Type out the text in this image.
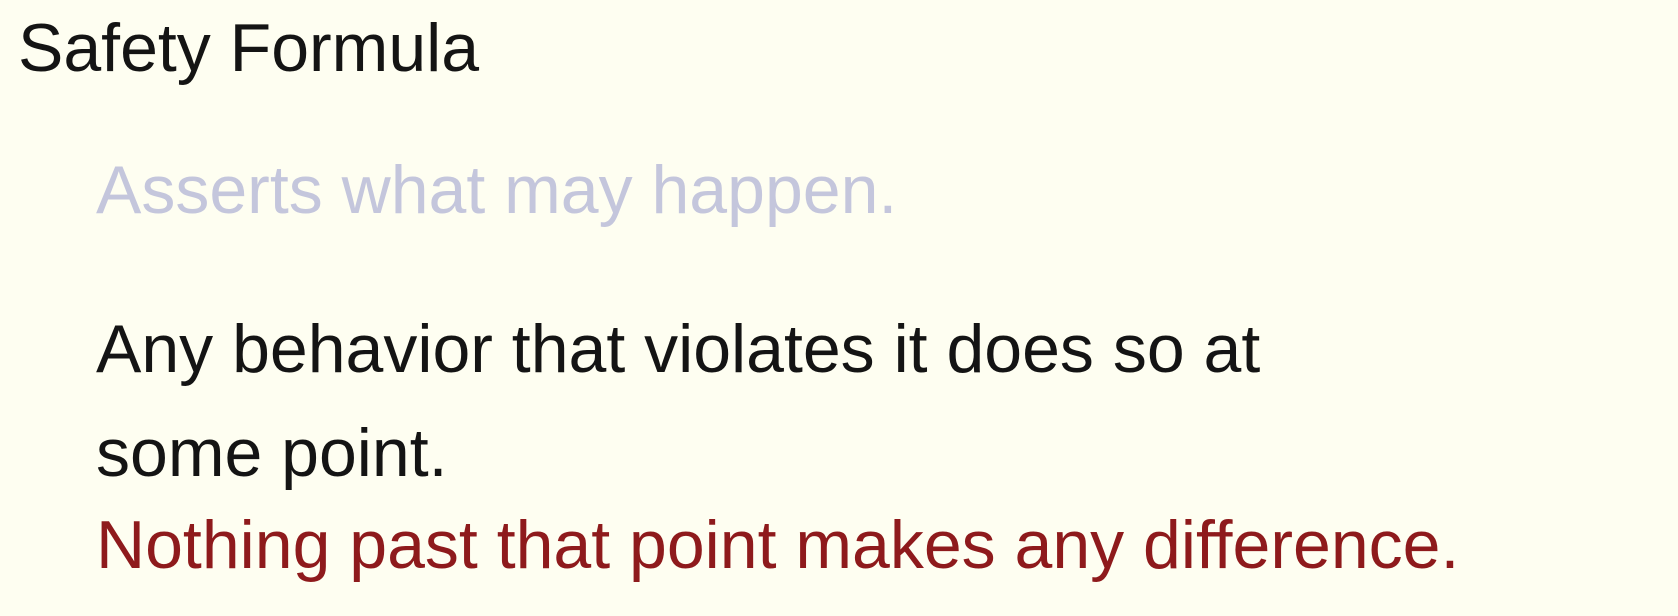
Safety Formula
Asserts what may happen.
Any behavior that violates it does so at
some point.
Nothing past that point makes any difference.
